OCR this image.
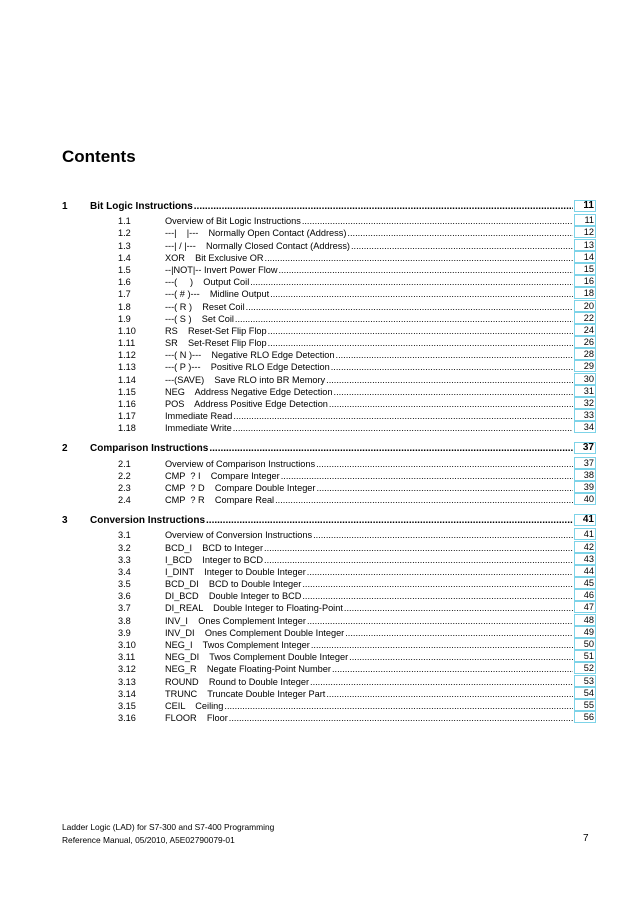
Contents
1	Bit Logic Instructions .....	11
1.1	Overview of Bit Logic Instructions .....	11
1.2	---|    |---    Normally Open Contact (Address) .....	12
1.3	---| / |---    Normally Closed Contact (Address) .....	13
1.4	XOR    Bit Exclusive OR .....	14
1.5	--|NOT|-- Invert Power Flow .....	15
1.6	---(     )    Output Coil .....	16
1.7	---( # )---    Midline Output .....	18
1.8	---( R )    Reset Coil .....	20
1.9	---( S )    Set Coil .....	22
1.10	RS    Reset-Set Flip Flop .....	24
1.11	SR    Set-Reset Flip Flop .....	26
1.12	---( N )---    Negative RLO Edge Detection .....	28
1.13	---( P )---    Positive RLO Edge Detection .....	29
1.14	---(SAVE)    Save RLO into BR Memory .....	30
1.15	NEG    Address Negative Edge Detection .....	31
1.16	POS    Address Positive Edge Detection .....	32
1.17	Immediate Read .....	33
1.18	Immediate Write .....	34
2	Comparison Instructions .....	37
2.1	Overview of Comparison Instructions .....	37
2.2	CMP  ? I    Compare Integer .....	38
2.3	CMP  ? D    Compare Double Integer .....	39
2.4	CMP  ? R    Compare Real .....	40
3	Conversion Instructions .....	41
3.1	Overview of Conversion Instructions .....	41
3.2	BCD_I    BCD to Integer .....	42
3.3	I_BCD    Integer to BCD .....	43
3.4	I_DINT    Integer to Double Integer .....	44
3.5	BCD_DI    BCD to Double Integer .....	45
3.6	DI_BCD    Double Integer to BCD .....	46
3.7	DI_REAL    Double Integer to Floating-Point .....	47
3.8	INV_I    Ones Complement Integer .....	48
3.9	INV_DI    Ones Complement Double Integer .....	49
3.10	NEG_I    Twos Complement Integer .....	50
3.11	NEG_DI    Twos Complement Double Integer .....	51
3.12	NEG_R    Negate Floating-Point Number .....	52
3.13	ROUND    Round to Double Integer .....	53
3.14	TRUNC    Truncate Double Integer Part .....	54
3.15	CEIL    Ceiling .....	55
3.16	FLOOR    Floor .....	56
Ladder Logic (LAD) for S7-300 and S7-400 Programming
Reference Manual, 05/2010, A5E02790079-01	7
